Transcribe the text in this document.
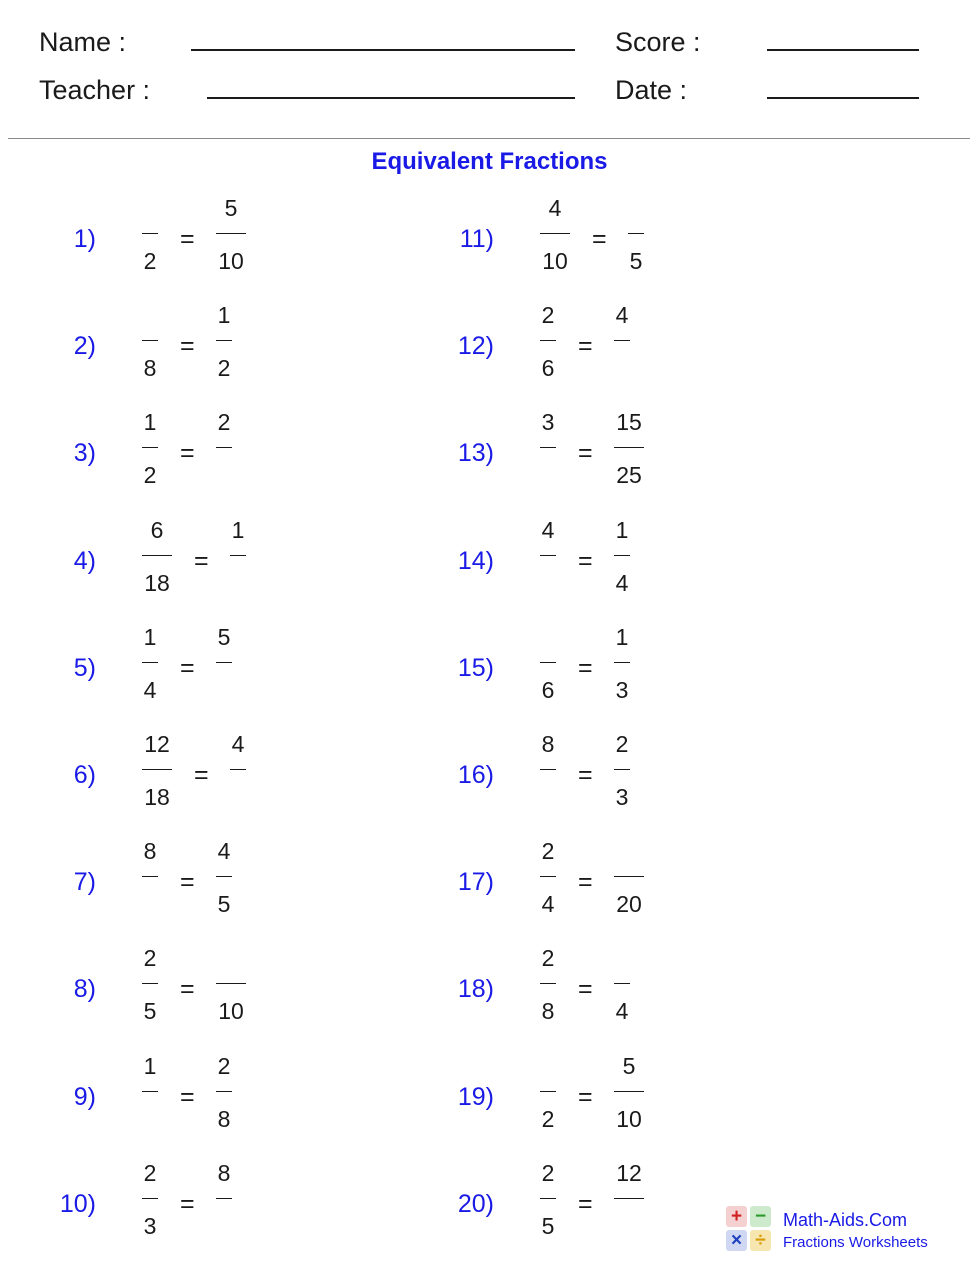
Name :
Teacher :
Score :
Date :
Equivalent Fractions
1)
2
=
5
10
2)
8
=
1
2
3)
1
2
=
2
4)
6
18
=
1
5)
1
4
=
5
6)
12
18
=
4
7)
8
=
4
5
8)
2
5
=
10
9)
1
=
2
8
10)
2
3
=
8
11)
4
10
=
5
12)
2
6
=
4
13)
3
=
15
25
14)
4
=
1
4
15)
6
=
1
3
16)
8
=
2
3
17)
2
4
=
20
18)
2
8
=
4
19)
2
=
5
10
20)
2
5
=
12
+ −
× ÷
Math-Aids.Com
Fractions Worksheets
